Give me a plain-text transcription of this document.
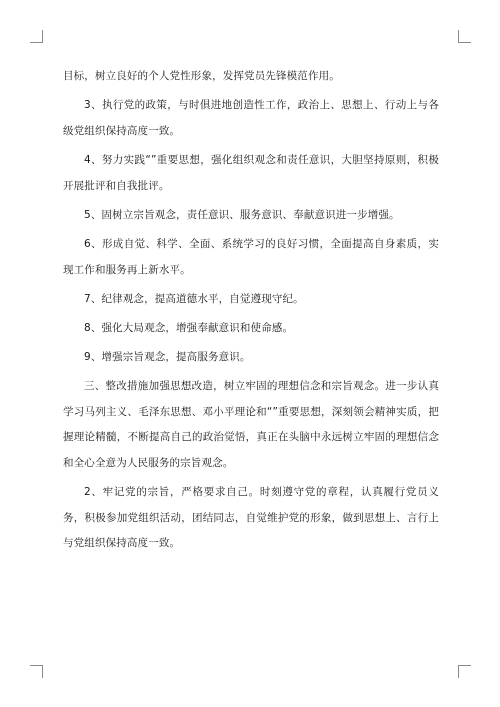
目标，树立良好的个人党性形象，发挥党员先锋模范作用。

3、执行党的政策，与时俱进地创造性工作，政治上、思想上、行动上与各级党组织保持高度一致。

4、努力实践“”重要思想，强化组织观念和责任意识，大胆坚持原则，积极开展批评和自我批评。

5、固树立宗旨观念，责任意识、服务意识、奉献意识进一步增强。

6、形成自觉、科学、全面、系统学习的良好习惯，全面提高自身素质，实现工作和服务再上新水平。

7、纪律观念，提高道德水平，自觉遵现守纪。

8、强化大局观念，增强奉献意识和使命感。

9、增强宗旨观念，提高服务意识。

三、整改措施加强思想改造，树立牢固的理想信念和宗旨观念。进一步认真学习马列主义、毛泽东思想、邓小平理论和“”重要思想，深刻领会精神实质，把握理论精髓，不断提高自己的政治觉悟，真正在头脑中永远树立牢固的理想信念和全心全意为人民服务的宗旨观念。

2、牢记党的宗旨，严格要求自己。时刻遵守党的章程，认真履行党员义务，积极参加党组织活动，团结同志，自觉维护党的形象，做到思想上、言行上与党组织保持高度一致。
